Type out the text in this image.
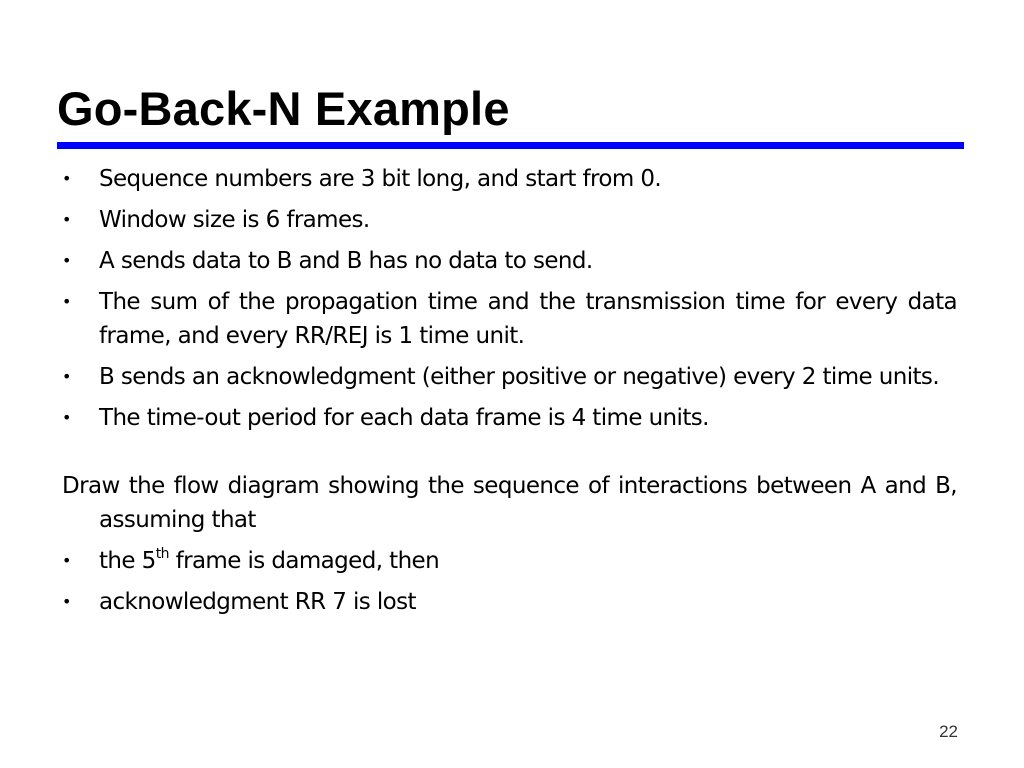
Go-Back-N Example
• Sequence numbers are 3 bit long, and start from 0.
• Window size is 6 frames.
• A sends data to B and B has no data to send.
• The sum of the propagation time and the transmission time for every data frame, and every RR/REJ is 1 time unit.
• B sends an acknowledgment (either positive or negative) every 2 time units.
• The time-out period for each data frame is 4 time units.

Draw the flow diagram showing the sequence of interactions between A and B, assuming that

• the 5th frame is damaged, then
• acknowledgment RR 7 is lost
22
